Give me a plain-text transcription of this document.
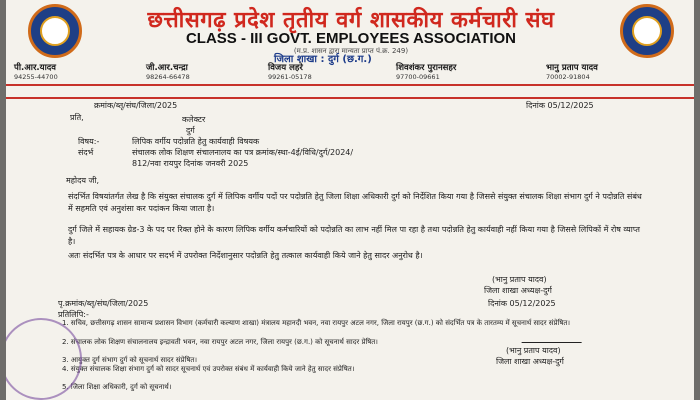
छत्तीसगढ़ प्रदेश तृतीय वर्ग शासकीय कर्मचारी संघ
CLASS - III GOVT. EMPLOYEES ASSOCIATION
(म.प्र. शासन द्वारा मान्यता प्राप्त पं.क्र. 249)
जिला शाखा : दुर्ग (छ.ग.)
पी.आर.यादव
94255-44700
जी.आर.चन्द्रा
98264-66478
विजय लहरे
99261-05178
शिवशंकर पुरानसहर
97700-09661
भानु प्रताप यादव
70002-91804
क्रमांक/ब्तृ/संघ/जिला/2025	दिनांक 05/12/2025
प्रति,	कलेक्टर
दुर्ग
विषय:-	लिपिक वर्गीय पदोन्नति हेतु कार्यवाही विषयक
संदर्भ	संचालक लोक शिक्षण संचालनालय का पत्र क्रमांक/स्था-4ई/विधि/दुर्ग/2024/
812/नवा रायपुर दिनांक जनवरी 2025
महोदय जी,
संदर्भित विषयांतर्गत लेख है कि संयुक्त संचालक दुर्ग में लिपिक वर्गीय पदों पर पदोन्नति हेतु जिला शिक्षा अधिकारी दुर्ग को निर्देशित किया गया है जिससे संयुक्त संचालक शिक्षा संभाग दुर्ग ने पदोन्नति संबंध में सहमति एवं अनुशंसा कर पदांकन किया जाता है।
दुर्ग जिले में सहायक ग्रेड-3 के पद पर रिक्त होने के कारण लिपिक वर्गीय कर्मचारियों को पदोन्नति का लाभ नहीं मिल पा रहा है तथा पदोन्नति हेतु कार्यवाही नहीं किया गया है जिससे लिपिकों में रोष व्याप्त है।
अतः संदर्भित पत्र के आधार पर सदर्भ में उपरोक्त निर्देशानुसार पदोन्नति हेतु तत्काल कार्यवाही किये जाने हेतु सादर अनुरोध है।
(भानु प्रताप यादव)
जिला शाखा अध्यक्ष-दुर्ग
पृ.क्रमांक/ब्तृ/संघ/जिला/2025	दिनांक 05/12/2025
प्रतिलिपि:-
1. सचिव, छत्तीसगढ़ शासन सामान्य प्रशासन विभाग (कर्मचारी कल्याण शाखा) मंत्रालय महानदी भवन, नवा रायपुर अटल नगर, जिला रायपुर (छ.ग.) को संदर्भित पत्र के तारतम्य में सूचनार्थ सादर संप्रेषित।
2. संचालक लोक शिक्षण संचालनालय इन्द्रावती भवन, नवा रायपुर अटल नगर, जिला रायपुर (छ.ग.) को सूचनार्थ सादर प्रेषित।
3. आयुक्त दुर्ग संभाग दुर्ग को सूचनार्थ सादर संप्रेषित।
4. संयुक्त संचालक शिक्षा संभाग दुर्ग को सादर सूचनार्थ एवं उपरोक्त संबंध में कार्यवाही किये जाने हेतु सादर संप्रेषित।
5. जिला शिक्षा अधिकारी, दुर्ग को सूचनार्थ।
(भानु प्रताप यादव)
जिला शाखा अध्यक्ष-दुर्ग
